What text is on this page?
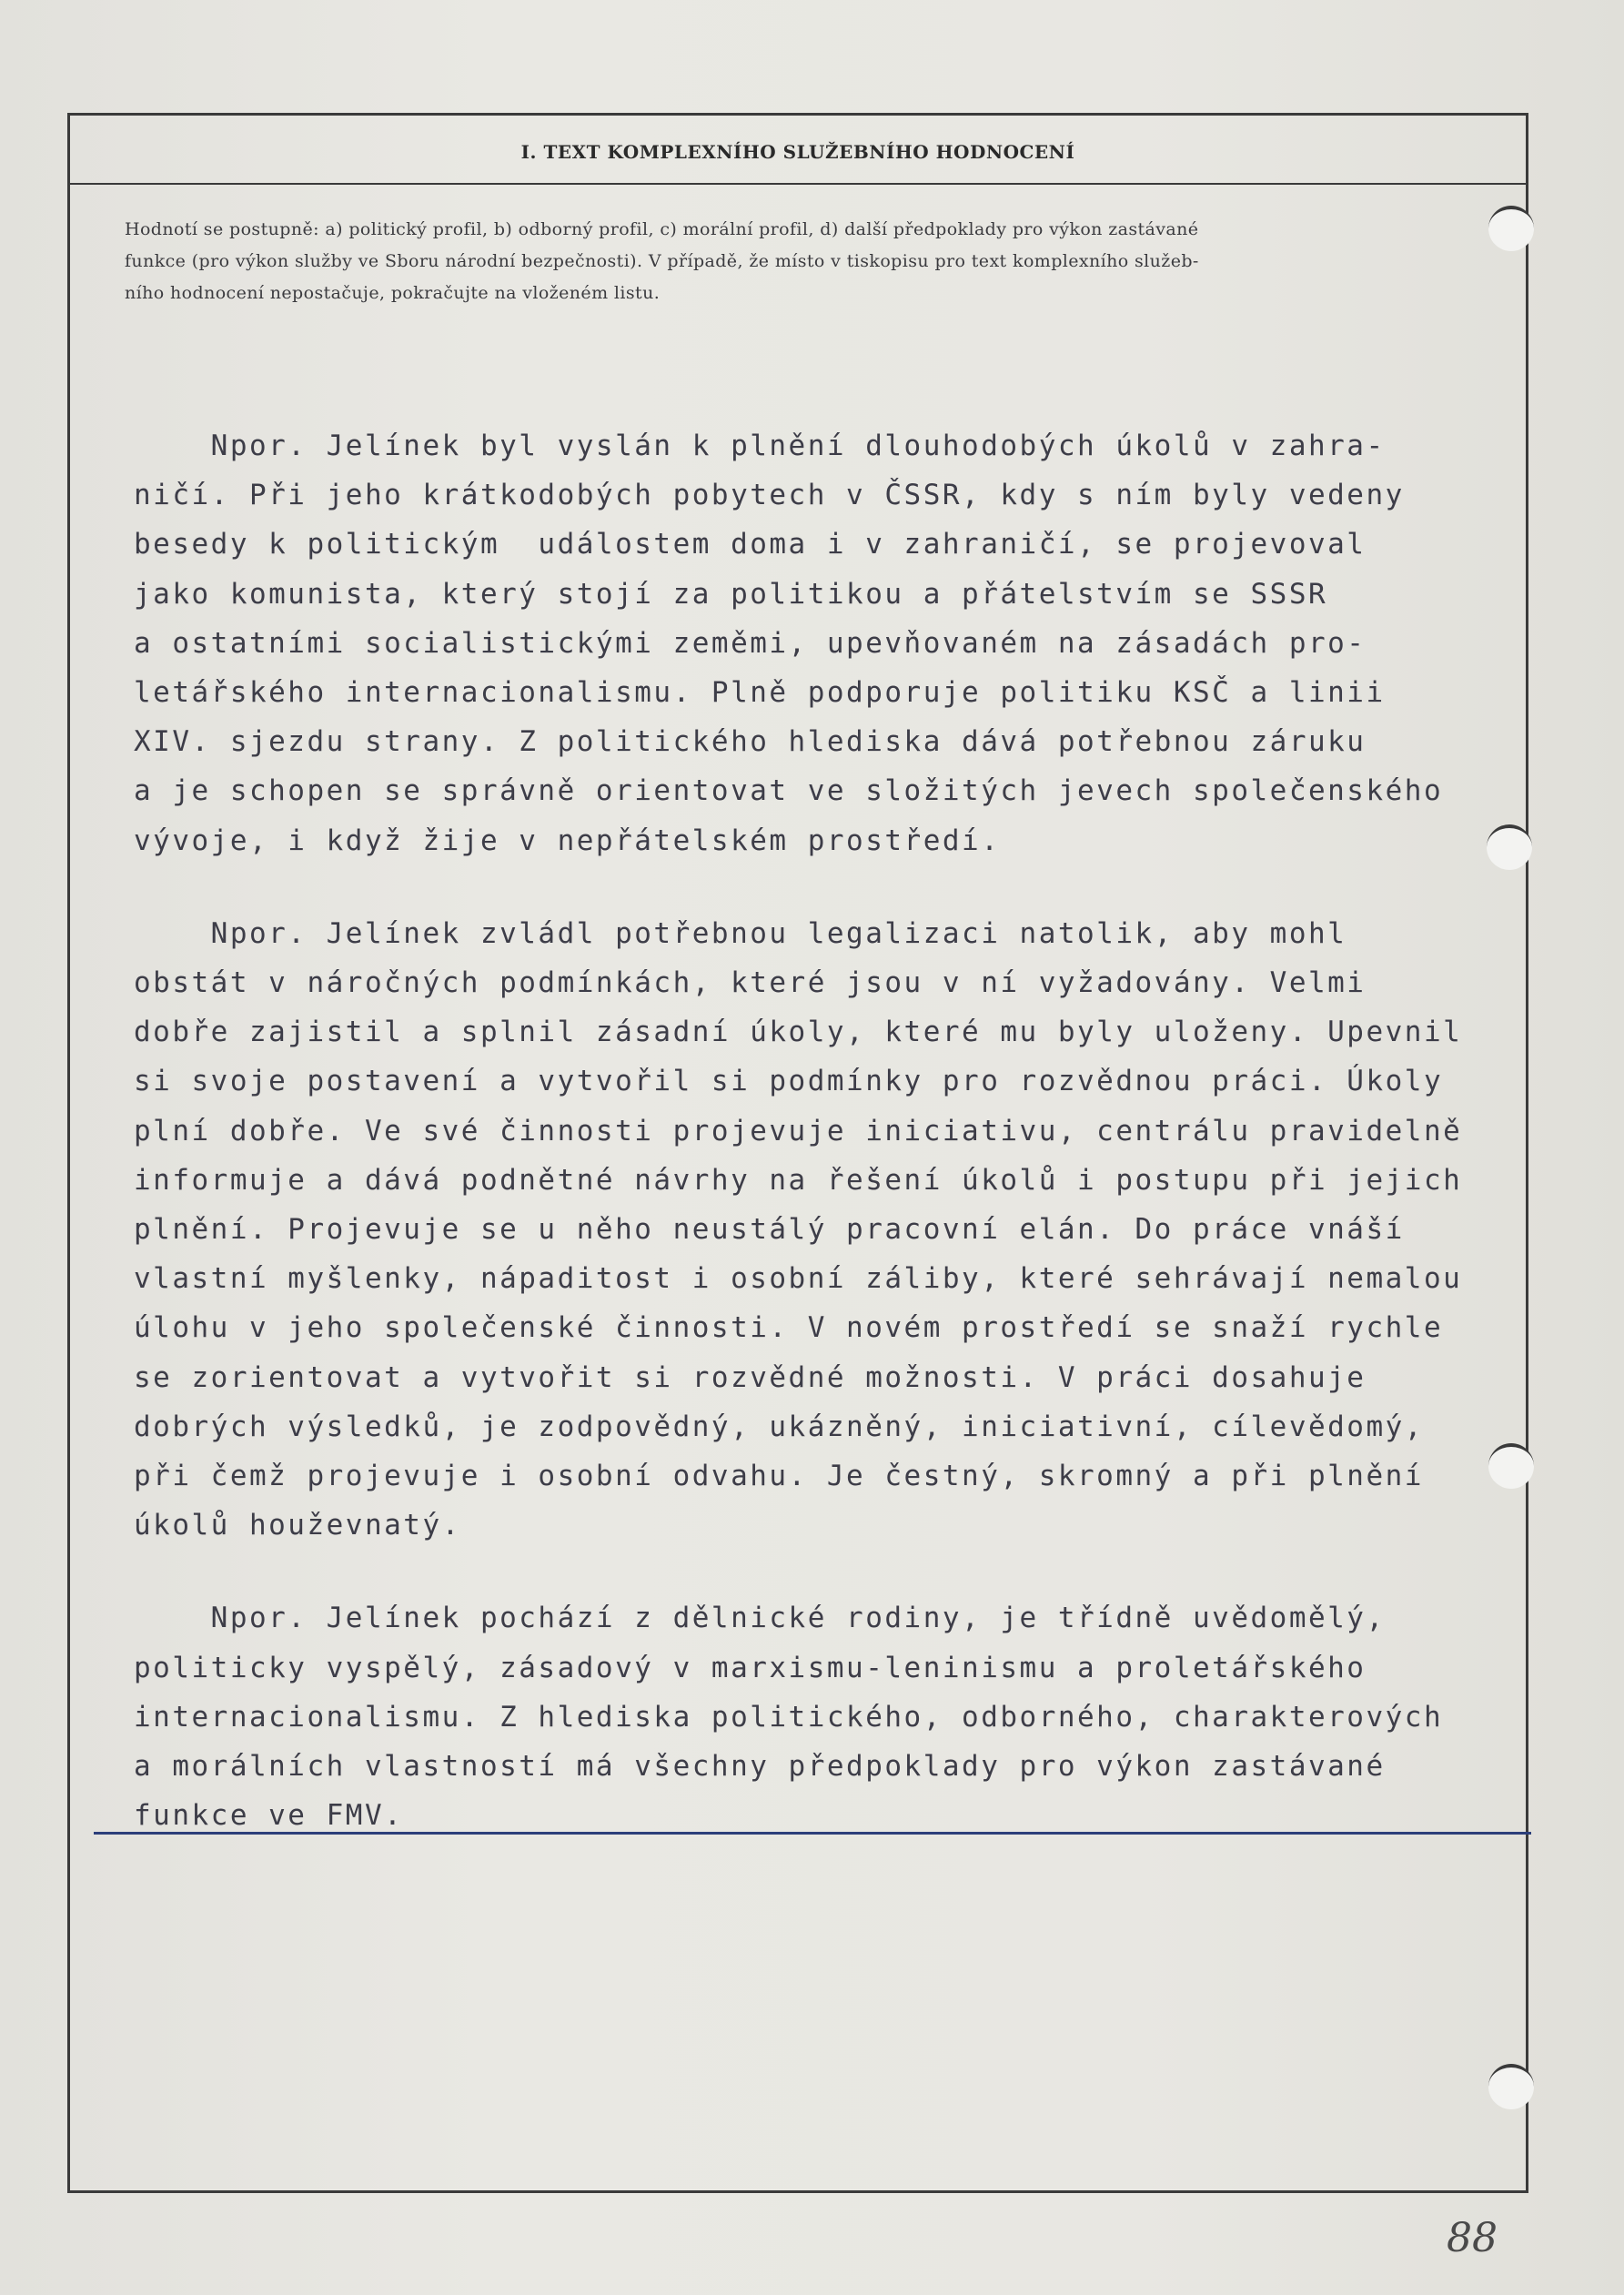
I. TEXT KOMPLEXNÍHO SLUŽEBNÍHO HODNOCENÍ

Hodnotí se postupně: a) politický profil, b) odborný profil, c) morální profil, d) další předpoklady pro výkon zastávané

funkce (pro výkon služby ve Sboru národní bezpečnosti). V případě, že místo v tiskopisu pro text komplexního služeb-

ního hodnocení nepostačuje, pokračujte na vloženém listu.

Npor. Jelínek byl vyslán k plnění dlouhodobých úkolů v zahra-
ničí. Při jeho krátkodobých pobytech v ČSSR, kdy s ním byly vedeny
besedy k politickým  událostem doma i v zahraničí, se projevoval
jako komunista, který stojí za politikou a přátelstvím se SSSR
a ostatními socialistickými zeměmi, upevňovaném na zásadách pro-
letářského internacionalismu. Plně podporuje politiku KSČ a linii
XIV. sjezdu strany. Z politického hlediska dává potřebnou záruku
a je schopen se správně orientovat ve složitých jevech společenského
vývoje, i když žije v nepřátelském prostředí.
Npor. Jelínek zvládl potřebnou legalizaci natolik, aby mohl
obstát v náročných podmínkách, které jsou v ní vyžadovány. Velmi
dobře zajistil a splnil zásadní úkoly, které mu byly uloženy. Upevnil
si svoje postavení a vytvořil si podmínky pro rozvědnou práci. Úkoly
plní dobře. Ve své činnosti projevuje iniciativu, centrálu pravidelně
informuje a dává podnětné návrhy na řešení úkolů i postupu při jejich
plnění. Projevuje se u něho neustálý pracovní elán. Do práce vnáší
vlastní myšlenky, nápaditost i osobní záliby, které sehrávají nemalou
úlohu v jeho společenské činnosti. V novém prostředí se snaží rychle
se zorientovat a vytvořit si rozvědné možnosti. V práci dosahuje
dobrých výsledků, je zodpovědný, ukázněný, iniciativní, cílevědomý,
při čemž projevuje i osobní odvahu. Je čestný, skromný a při plnění
úkolů houževnatý.
Npor. Jelínek pochází z dělnické rodiny, je třídně uvědomělý,
politicky vyspělý, zásadový v marxismu-leninismu a proletářského
internacionalismu. Z hlediska politického, odborného, charakterových
a morálních vlastností má všechny předpoklady pro výkon zastávané
funkce ve FMV.
88
